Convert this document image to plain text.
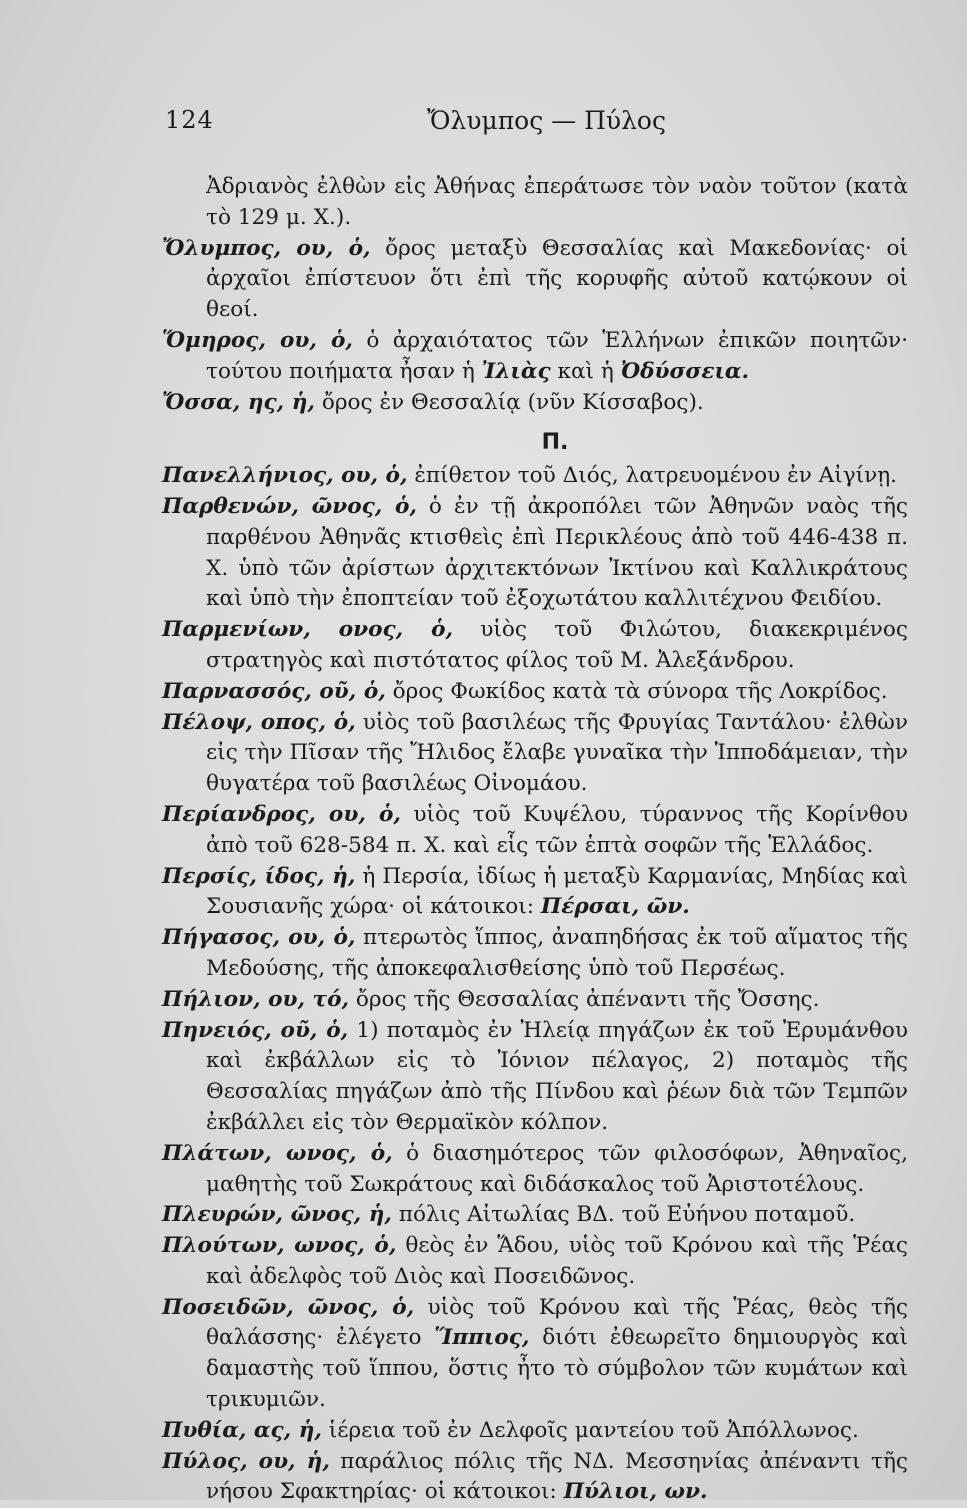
124	Ὄλυμπος — Πύλος

Ἀδριανὸς ἐλθὼν εἰς Ἀθήνας ἐπεράτωσε τὸν ναὸν τοῦτον (κατὰ τὸ 129 μ. Χ.).

Ὄλυμπος, ου, ὁ, ὄρος μεταξὺ Θεσσαλίας καὶ Μακεδονίας· οἱ ἀρχαῖοι ἐπίστευον ὅτι ἐπὶ τῆς κορυφῆς αὐτοῦ κατῴκουν οἱ θεοί.

Ὅμηρος, ου, ὁ, ὁ ἀρχαιότατος τῶν Ἑλλήνων ἐπικῶν ποιητῶν· τούτου ποιήματα ἦσαν ἡ Ἰλιὰς καὶ ἡ Ὀδύσσεια.

Ὄσσα, ης, ἡ, ὄρος ἐν Θεσσαλίᾳ (νῦν Κίσσαβος).

Π.

Πανελλήνιος, ου, ὁ, ἐπίθετον τοῦ Διός, λατρευομένου ἐν Αἰγίνῃ.

Παρθενών, ῶνος, ὁ, ὁ ἐν τῇ ἀκροπόλει τῶν Ἀθηνῶν ναὸς τῆς παρθένου Ἀθηνᾶς κτισθεὶς ἐπὶ Περικλέους ἀπὸ τοῦ 446-438 π. Χ. ὑπὸ τῶν ἀρίστων ἀρχιτεκτόνων Ἰκτίνου καὶ Καλλικράτους καὶ ὑπὸ τὴν ἐποπτείαν τοῦ ἐξοχωτάτου καλλιτέχνου Φειδίου.

Παρμενίων, ονος, ὁ, υἱὸς τοῦ Φιλώτου, διακεκριμένος στρατηγὸς καὶ πιστότατος φίλος τοῦ Μ. Ἀλεξάνδρου.

Παρνασσός, οῦ, ὁ, ὄρος Φωκίδος κατὰ τὰ σύνορα τῆς Λοκρίδος.

Πέλοψ, οπος, ὁ, υἱὸς τοῦ βασιλέως τῆς Φρυγίας Ταντάλου· ἐλθὼν εἰς τὴν Πῖσαν τῆς Ἤλιδος ἔλαβε γυναῖκα τὴν Ἱπποδάμειαν, τὴν θυγατέρα τοῦ βασιλέως Οἰνομάου.

Περίανδρος, ου, ὁ, υἱὸς τοῦ Κυψέλου, τύραννος τῆς Κορίνθου ἀπὸ τοῦ 628-584 π. Χ. καὶ εἷς τῶν ἑπτὰ σοφῶν τῆς Ἑλλάδος.

Περσίς, ίδος, ἡ, ἡ Περσία, ἰδίως ἡ μεταξὺ Καρμανίας, Μηδίας καὶ Σουσιανῆς χώρα· οἱ κάτοικοι: Πέρσαι, ῶν.

Πήγασος, ου, ὁ, πτερωτὸς ἵππος, ἀναπηδήσας ἐκ τοῦ αἵματος τῆς Μεδούσης, τῆς ἀποκεφαλισθείσης ὑπὸ τοῦ Περσέως.

Πήλιον, ου, τό, ὄρος τῆς Θεσσαλίας ἀπέναντι τῆς Ὄσσης.

Πηνειός, οῦ, ὁ, 1) ποταμὸς ἐν Ἠλείᾳ πηγάζων ἐκ τοῦ Ἐρυμάνθου καὶ ἐκβάλλων εἰς τὸ Ἰόνιον πέλαγος, 2) ποταμὸς τῆς Θεσσαλίας πηγάζων ἀπὸ τῆς Πίνδου καὶ ῥέων διὰ τῶν Τεμπῶν ἐκβάλλει εἰς τὸν Θερμαϊκὸν κόλπον.

Πλάτων, ωνος, ὁ, ὁ διασημότερος τῶν φιλοσόφων, Ἀθηναῖος, μαθητὴς τοῦ Σωκράτους καὶ διδάσκαλος τοῦ Ἀριστοτέλους.

Πλευρών, ῶνος, ἡ, πόλις Αἰτωλίας ΒΔ. τοῦ Εὐήνου ποταμοῦ.

Πλούτων, ωνος, ὁ, θεὸς ἐν Ἅδου, υἱὸς τοῦ Κρόνου καὶ τῆς Ῥέας καὶ ἀδελφὸς τοῦ Διὸς καὶ Ποσειδῶνος.

Ποσειδῶν, ῶνος, ὁ, υἱὸς τοῦ Κρόνου καὶ τῆς Ῥέας, θεὸς τῆς θαλάσσης· ἐλέγετο Ἵππιος, διότι ἐθεωρεῖτο δημιουργὸς καὶ δαμαστὴς τοῦ ἵππου, ὅστις ἦτο τὸ σύμβολον τῶν κυμάτων καὶ τρικυμιῶν.

Πυθία, ας, ἡ, ἱέρεια τοῦ ἐν Δελφοῖς μαντείου τοῦ Ἀπόλλωνος.

Πύλος, ου, ἡ, παράλιος πόλις τῆς ΝΔ. Μεσσηνίας ἀπέναντι τῆς νήσου Σφακτηρίας· οἱ κάτοικοι: Πύλιοι, ων.
